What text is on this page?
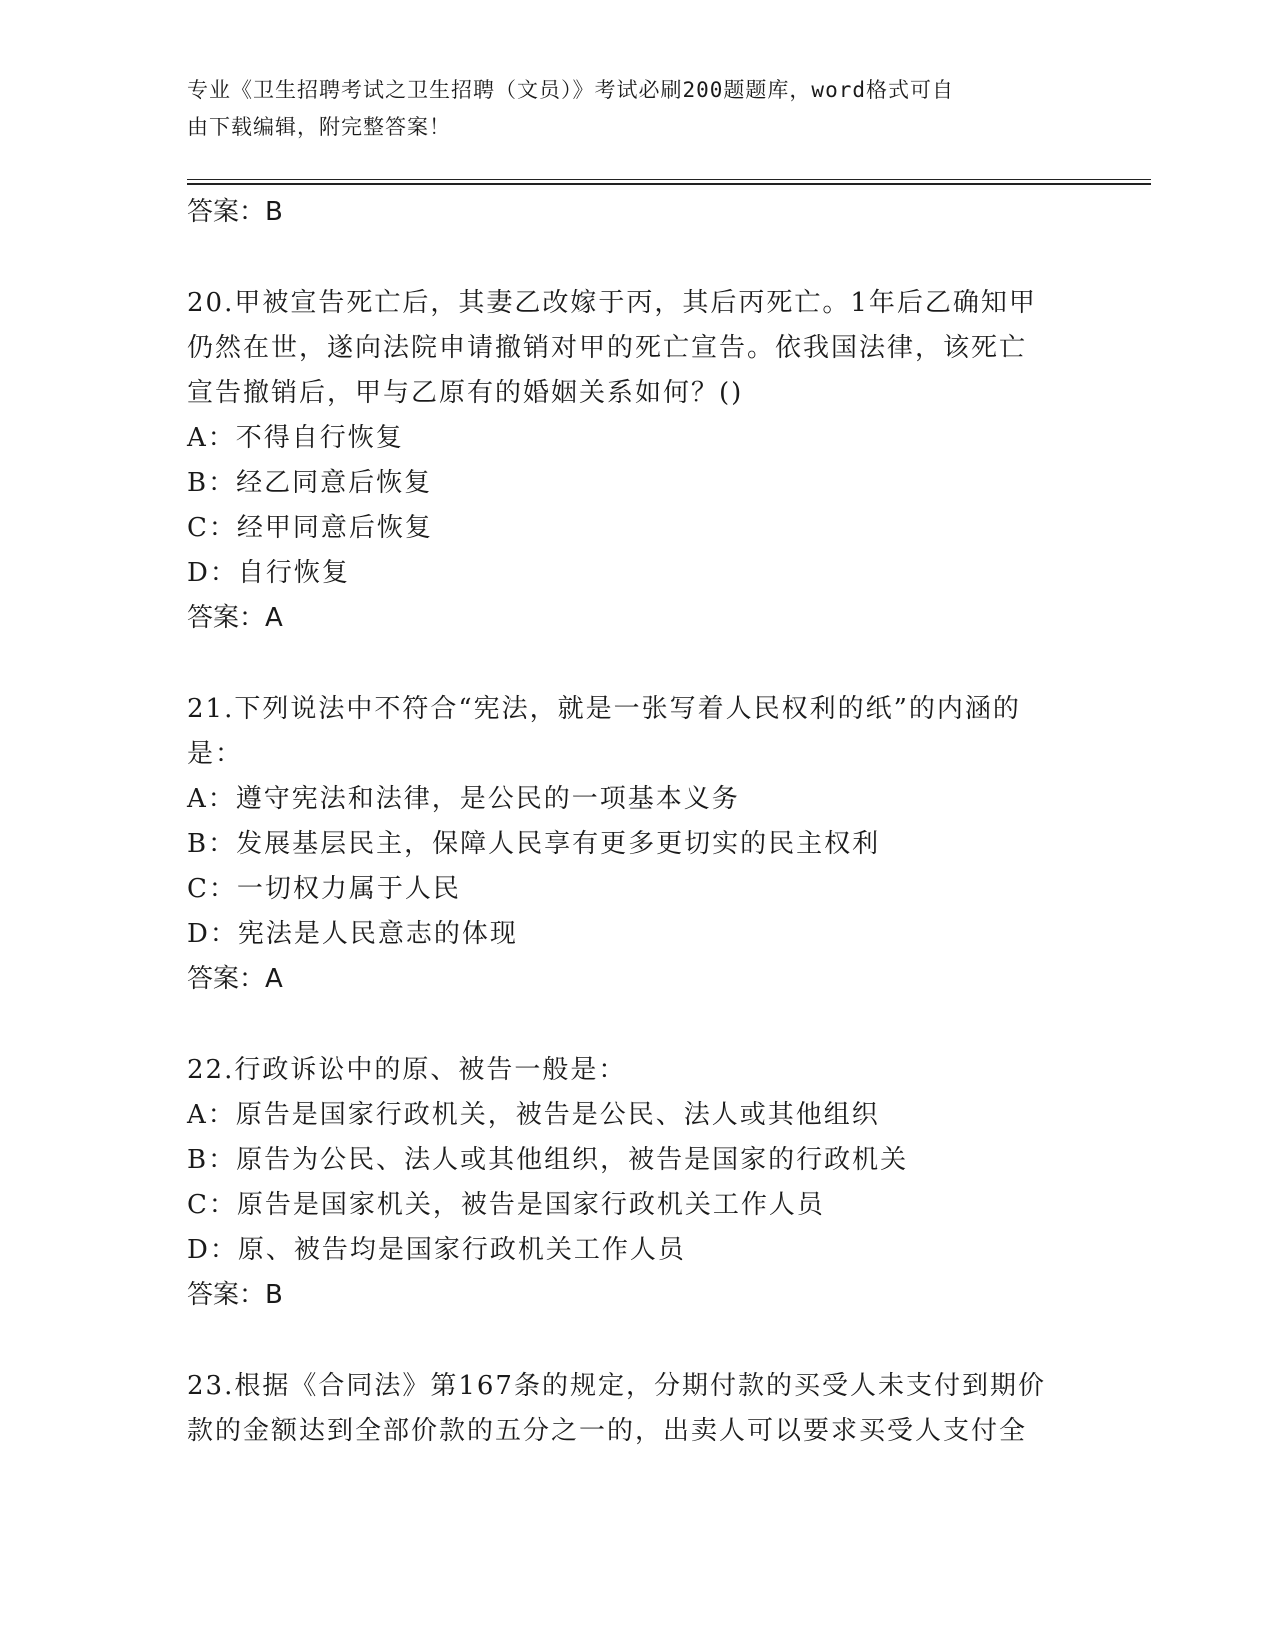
专业《卫生招聘考试之卫生招聘（文员）》考试必刷200题题库，word格式可自
由下载编辑，附完整答案！
答案：B
20.甲被宣告死亡后，其妻乙改嫁于丙，其后丙死亡。1年后乙确知甲
仍然在世，遂向法院申请撤销对甲的死亡宣告。依我国法律，该死亡
宣告撤销后，甲与乙原有的婚姻关系如何？()
A：不得自行恢复
B：经乙同意后恢复
C：经甲同意后恢复
D：自行恢复
答案：A
21.下列说法中不符合“宪法，就是一张写着人民权利的纸”的内涵的
是：
A：遵守宪法和法律，是公民的一项基本义务
B：发展基层民主，保障人民享有更多更切实的民主权利
C：一切权力属于人民
D：宪法是人民意志的体现
答案：A
22.行政诉讼中的原、被告一般是：
A：原告是国家行政机关，被告是公民、法人或其他组织
B：原告为公民、法人或其他组织，被告是国家的行政机关
C：原告是国家机关，被告是国家行政机关工作人员
D：原、被告均是国家行政机关工作人员
答案：B
23.根据《合同法》第167条的规定，分期付款的买受人未支付到期价
款的金额达到全部价款的五分之一的，出卖人可以要求买受人支付全
